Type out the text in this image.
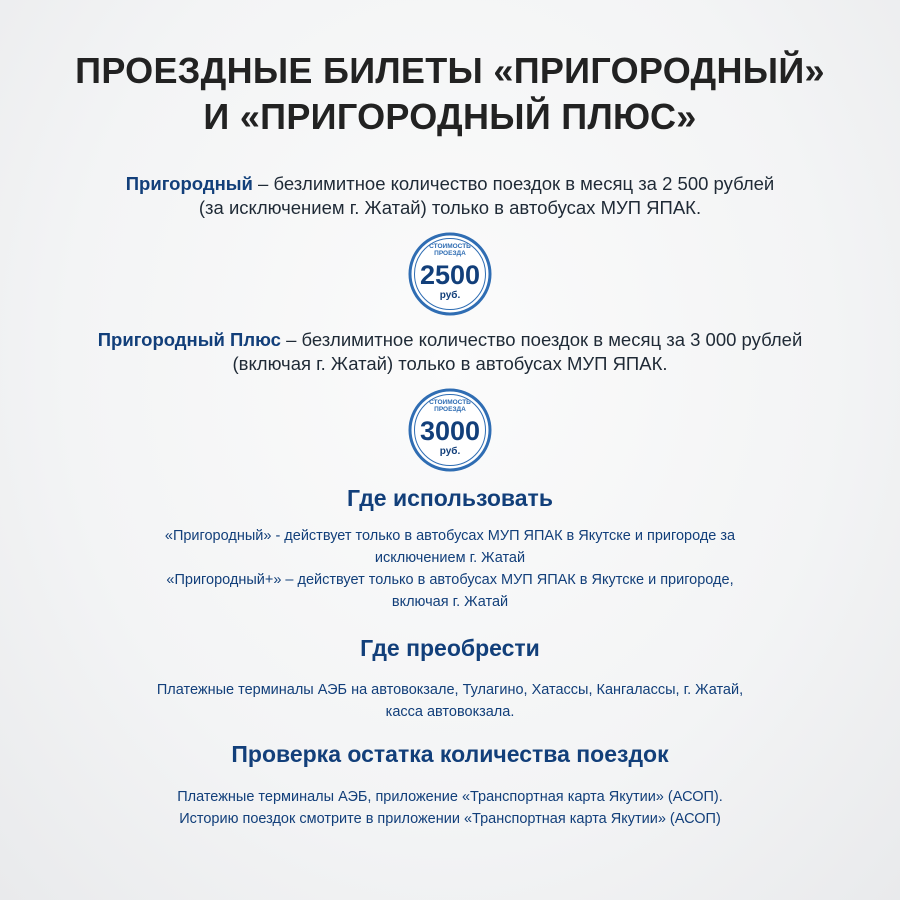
ПРОЕЗДНЫЕ БИЛЕТЫ «ПРИГОРОДНЫЙ»
И «ПРИГОРОДНЫЙ ПЛЮС»
Пригородный – безлимитное количество поездок в месяц за 2 500 рублей
(за исключением г. Жатай) только в автобусах МУП ЯПАК.
СТОИМОСТЬ
ПРОЕЗДА
2500
руб.
Пригородный Плюс – безлимитное количество поездок в месяц за 3 000 рублей
(включая г. Жатай) только в автобусах МУП ЯПАК.
СТОИМОСТЬ
ПРОЕЗДА
3000
руб.
Где использовать
«Пригородный» - действует только в автобусах МУП ЯПАК в Якутске и пригороде за
исключением г. Жатай
«Пригородный+» – действует только в автобусах МУП ЯПАК в Якутске и пригороде,
включая г. Жатай
Где преобрести
Платежные терминалы АЭБ на автовокзале, Тулагино, Хатассы, Кангалассы, г. Жатай,
касса автовокзала.
Проверка остатка количества поездок
Платежные терминалы АЭБ, приложение «Транспортная карта Якутии» (АСОП).
Историю поездок смотрите в приложении «Транспортная карта Якутии» (АСОП)
